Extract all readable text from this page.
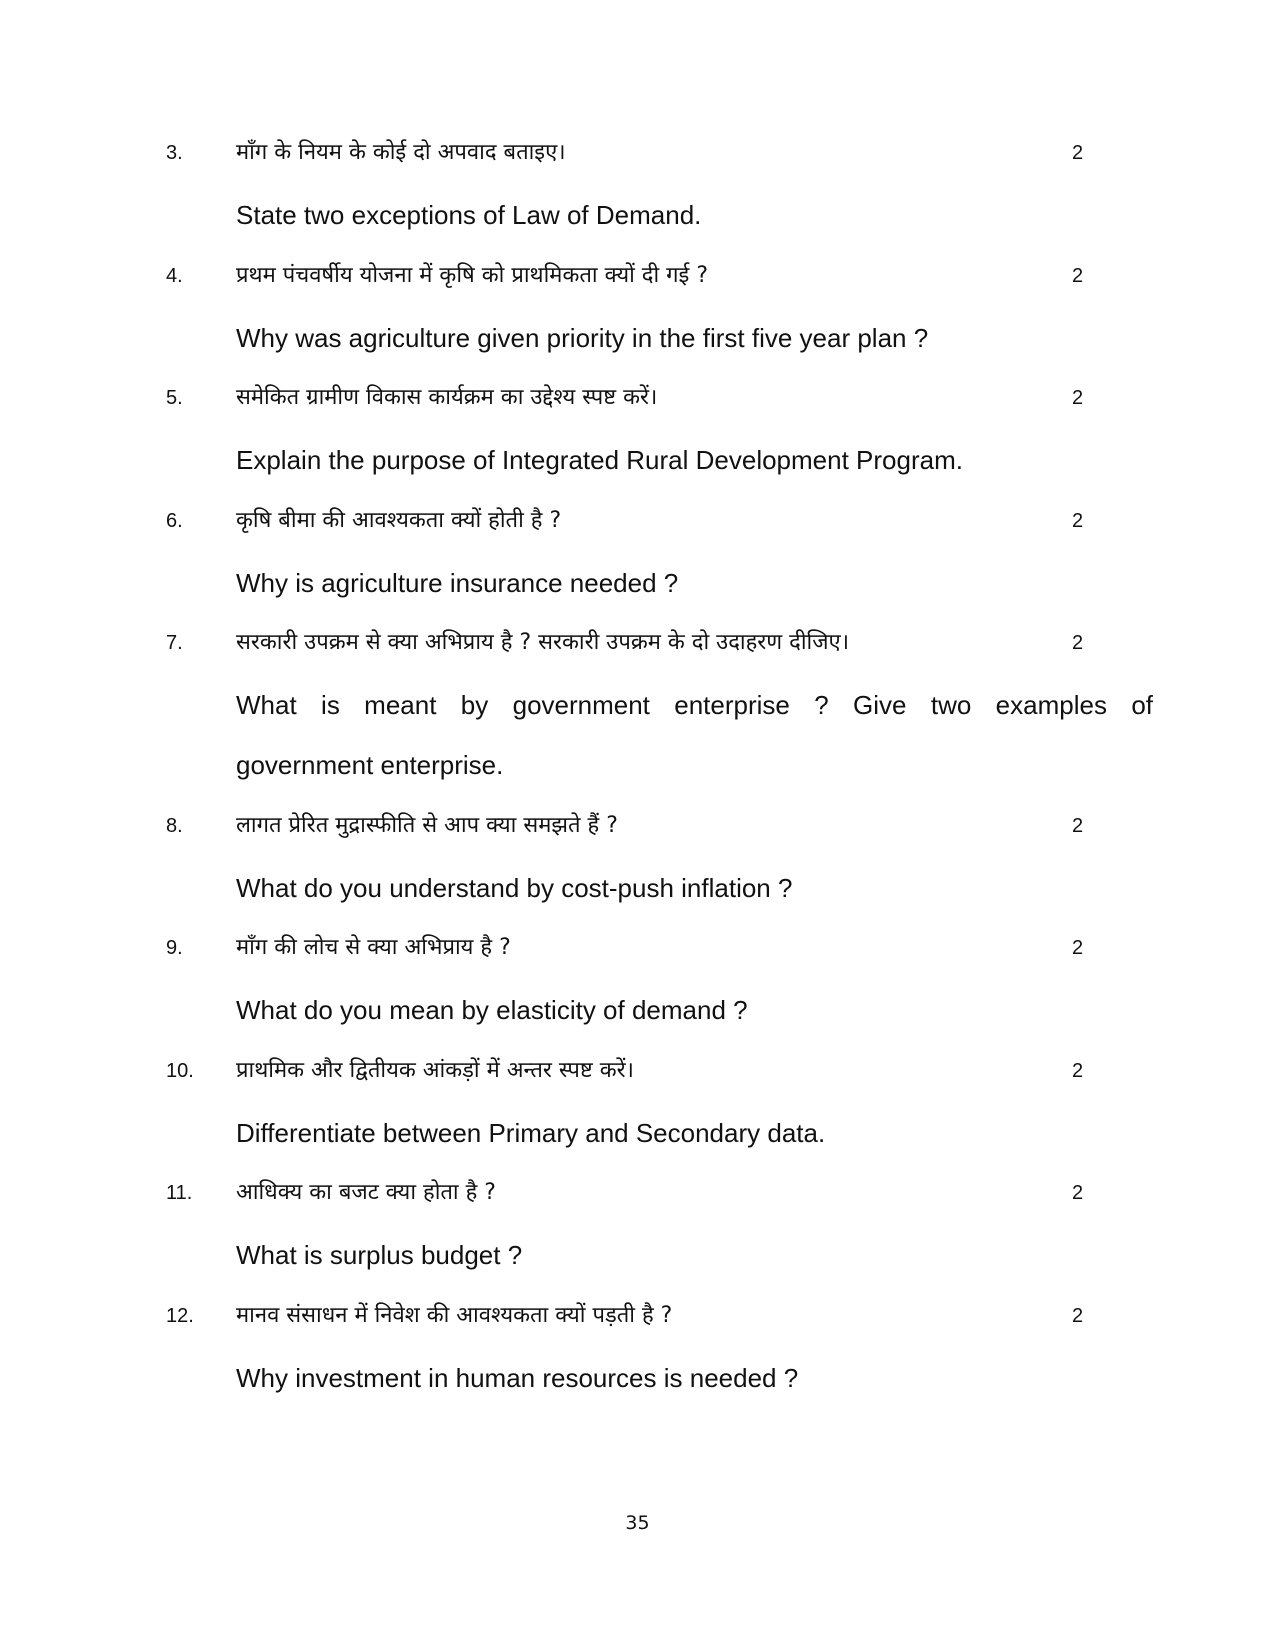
3. माँग के नियम के कोई दो अपवाद बताइए।	2
State two exceptions of Law of Demand.
4. प्रथम पंचवर्षीय योजना में कृषि को प्राथमिकता क्यों दी गई ?	2
Why was agriculture given priority in the first five year plan ?
5. समेकित ग्रामीण विकास कार्यक्रम का उद्देश्य स्पष्ट करें।	2
Explain the purpose of Integrated Rural Development Program.
6. कृषि बीमा की आवश्यकता क्यों होती है ?	2
Why is agriculture insurance needed ?
7. सरकारी उपक्रम से क्या अभिप्राय है ? सरकारी उपक्रम के दो उदाहरण दीजिए।	2
What is meant by government enterprise ? Give two examples of
government enterprise.
8. लागत प्रेरित मुद्रास्फीति से आप क्या समझते हैं ?	2
What do you understand by cost-push inflation ?
9. माँग की लोच से क्या अभिप्राय है ?	2
What do you mean by elasticity of demand ?
10. प्राथमिक और द्वितीयक आंकड़ों में अन्तर स्पष्ट करें।	2
Differentiate between Primary and Secondary data.
11. आधिक्य का बजट क्या होता है ?	2
What is surplus budget ?
12. मानव संसाधन में निवेश की आवश्यकता क्यों पड़ती है ?	2
Why investment in human resources is needed ?
35
